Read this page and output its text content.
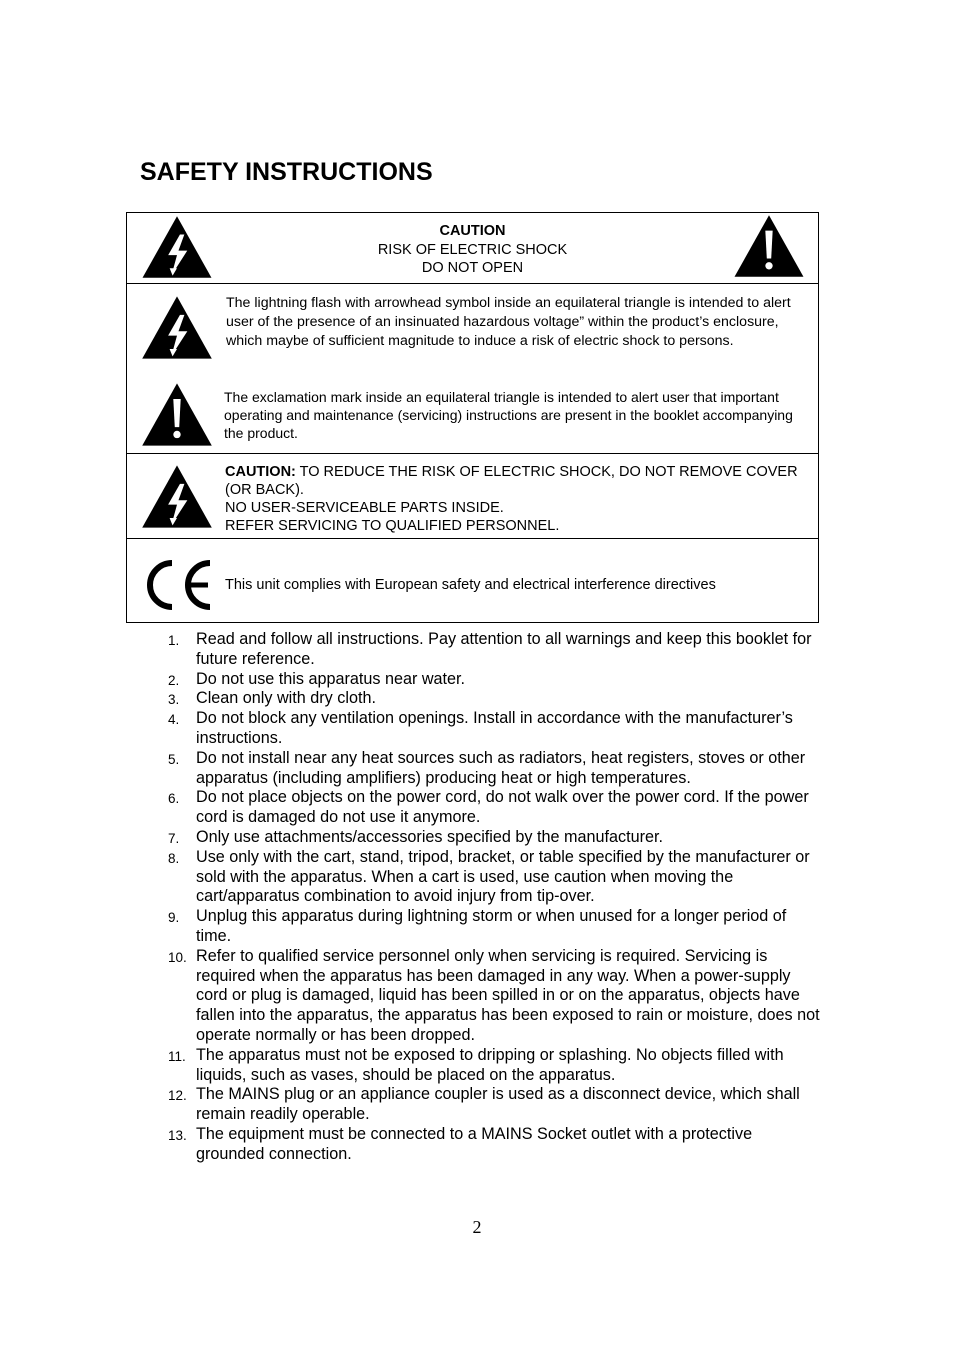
SAFETY INSTRUCTIONS
CAUTION
RISK OF ELECTRIC SHOCK
DO NOT OPEN
The lightning flash with arrowhead symbol inside an equilateral triangle is intended to alert user of the presence of an insinuated hazardous voltage” within the product’s enclosure, which maybe of sufficient magnitude to induce a risk of electric shock to persons.
The exclamation mark inside an equilateral triangle is intended to alert user that important operating and maintenance (servicing) instructions are present in the booklet accompanying the product.
CAUTION: TO REDUCE THE RISK OF ELECTRIC SHOCK, DO NOT REMOVE COVER (OR BACK).
NO USER-SERVICEABLE PARTS INSIDE.
REFER SERVICING TO QUALIFIED PERSONNEL.
This unit complies with European safety and electrical interference directives
1. Read and follow all instructions. Pay attention to all warnings and keep this booklet for future reference.
2. Do not use this apparatus near water.
3. Clean only with dry cloth.
4. Do not block any ventilation openings. Install in accordance with the manufacturer’s instructions.
5. Do not install near any heat sources such as radiators, heat registers, stoves or other apparatus (including amplifiers) producing heat or high temperatures.
6. Do not place objects on the power cord, do not walk over the power cord. If the power cord is damaged do not use it anymore.
7. Only use attachments/accessories specified by the manufacturer.
8. Use only with the cart, stand, tripod, bracket, or table specified by the manufacturer or sold with the apparatus. When a cart is used, use caution when moving the cart/apparatus combination to avoid injury from tip-over.
9. Unplug this apparatus during lightning storm or when unused for a longer period of time.
10. Refer to qualified service personnel only when servicing is required. Servicing is required when the apparatus has been damaged in any way. When a power-supply cord or plug is damaged, liquid has been spilled in or on the apparatus, objects have fallen into the apparatus, the apparatus has been exposed to rain or moisture, does not operate normally or has been dropped.
11. The apparatus must not be exposed to dripping or splashing. No objects filled with liquids, such as vases, should be placed on the apparatus.
12. The MAINS plug or an appliance coupler is used as a disconnect device, which shall remain readily operable.
13. The equipment must be connected to a MAINS Socket outlet with a protective grounded connection.
2
